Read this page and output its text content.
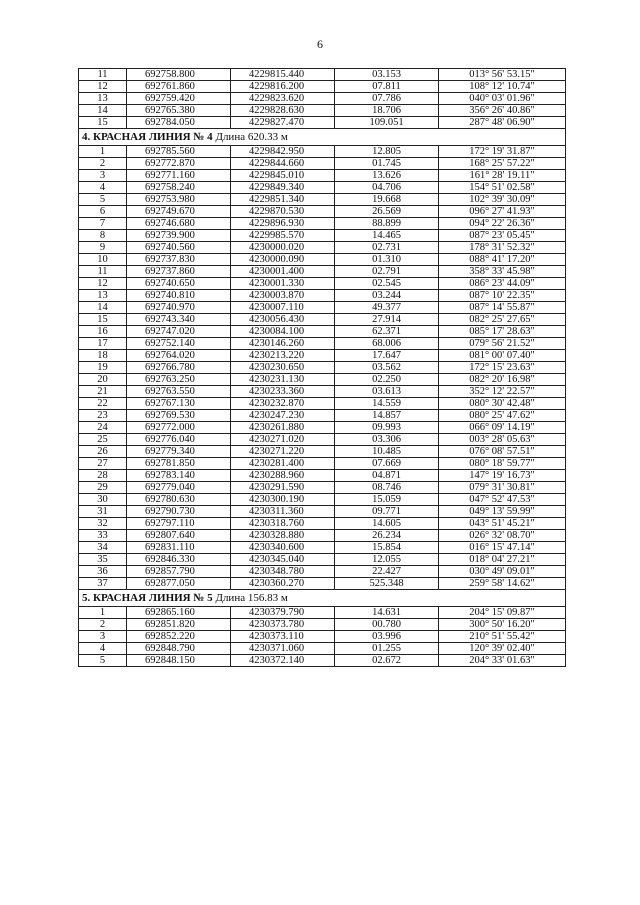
6
11	692758.800	4229815.440	03.153	013° 56' 53.15"
12	692761.860	4229816.200	07.811	108° 12' 10.74"
13	692759.420	4229823.620	07.786	040° 03' 01.96"
14	692765.380	4229828.630	18.706	356° 26' 40.86"
15	692784.050	4229827.470	109.051	287° 48' 06.90"
4. КРАСНАЯ ЛИНИЯ № 4 Длина 620.33 м				
1	692785.560	4229842.950	12.805	172° 19' 31.87"
2	692772.870	4229844.660	01.745	168° 25' 57.22"
3	692771.160	4229845.010	13.626	161° 28' 19.11"
4	692758.240	4229849.340	04.706	154° 51' 02.58"
5	692753.980	4229851.340	19.668	102° 39' 30.09"
6	692749.670	4229870.530	26.569	096° 27' 41.93"
7	692746.680	4229896.930	88.899	094° 22' 26.36"
8	692739.900	4229985.570	14.465	087° 23' 05.45"
9	692740.560	4230000.020	02.731	178° 31' 52.32"
10	692737.830	4230000.090	01.310	088° 41' 17.20"
11	692737.860	4230001.400	02.791	358° 33' 45.98"
12	692740.650	4230001.330	02.545	086° 23' 44.09"
13	692740.810	4230003.870	03.244	087° 10' 22.35"
14	692740.970	4230007.110	49.377	087° 14' 55.87"
15	692743.340	4230056.430	27.914	082° 25' 27.65"
16	692747.020	4230084.100	62.371	085° 17' 28.63"
17	692752.140	4230146.260	68.006	079° 56' 21.52"
18	692764.020	4230213.220	17.647	081° 00' 07.40"
19	692766.780	4230230.650	03.562	172° 15' 23.63"
20	692763.250	4230231.130	02.250	082° 20' 16.98"
21	692763.550	4230233.360	03.613	352° 12' 22.57"
22	692767.130	4230232.870	14.559	080° 30' 42.48"
23	692769.530	4230247.230	14.857	080° 25' 47.62"
24	692772.000	4230261.880	09.993	066° 09' 14.19"
25	692776.040	4230271.020	03.306	003° 28' 05.63"
26	692779.340	4230271.220	10.485	076° 08' 57.51"
27	692781.850	4230281.400	07.669	080° 18' 59.77"
28	692783.140	4230288.960	04.871	147° 19' 16.73"
29	692779.040	4230291.590	08.746	079° 31' 30.81"
30	692780.630	4230300.190	15.059	047° 52' 47.53"
31	692790.730	4230311.360	09.771	049° 13' 59.99"
32	692797.110	4230318.760	14.605	043° 51' 45.21"
33	692807.640	4230328.880	26.234	026° 32' 08.70"
34	692831.110	4230340.600	15.854	016° 15' 47.14"
35	692846.330	4230345.040	12.055	018° 04' 27.21"
36	692857.790	4230348.780	22.427	030° 49' 09.01"
37	692877.050	4230360.270	525.348	259° 58' 14.62"
5. КРАСНАЯ ЛИНИЯ № 5 Длина 156.83 м				
1	692865.160	4230379.790	14.631	204° 15' 09.87"
2	692851.820	4230373.780	00.780	300° 50' 16.20"
3	692852.220	4230373.110	03.996	210° 51' 55.42"
4	692848.790	4230371.060	01.255	120° 39' 02.40"
5	692848.150	4230372.140	02.672	204° 33' 01.63"
